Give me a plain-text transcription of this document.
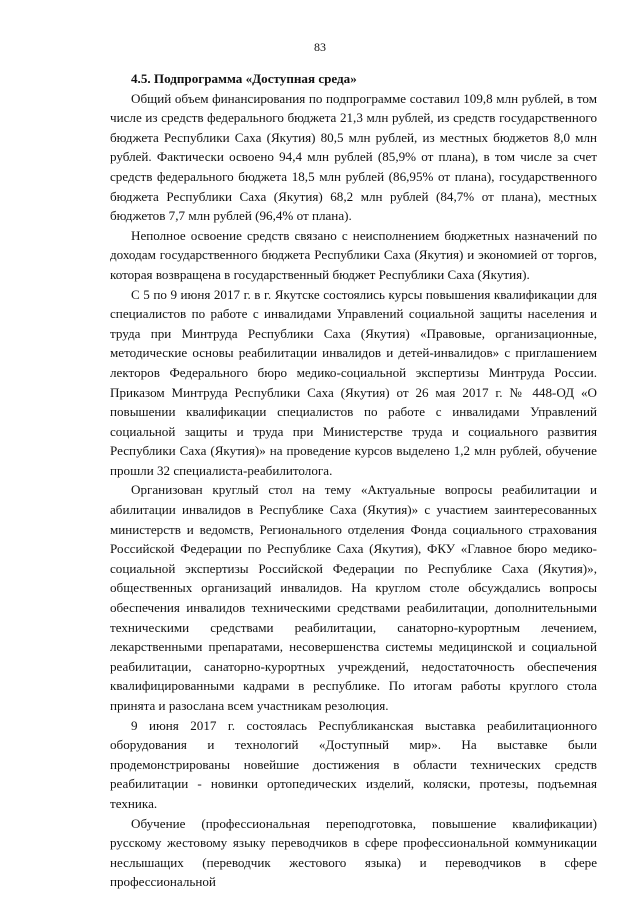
83
4.5. Подпрограмма «Доступная среда»

Общий объем финансирования по подпрограмме составил 109,8 млн рублей, в том числе из средств федерального бюджета 21,3 млн рублей, из средств государственного бюджета Республики Саха (Якутия) 80,5 млн рублей, из местных бюджетов 8,0 млн рублей. Фактически освоено 94,4 млн рублей (85,9% от плана), в том числе за счет средств федерального бюджета 18,5 млн рублей (86,95% от плана), государственного бюджета Республики Саха (Якутия) 68,2 млн рублей (84,7% от плана), местных бюджетов 7,7 млн рублей (96,4% от плана).

Неполное освоение средств связано с неисполнением бюджетных назначений по доходам государственного бюджета Республики Саха (Якутия) и экономией от торгов, которая возвращена в государственный бюджет Республики Саха (Якутия).

С 5 по 9 июня 2017 г. в г. Якутске состоялись курсы повышения квалификации для специалистов по работе с инвалидами Управлений социальной защиты населения и труда при Минтруда Республики Саха (Якутия) «Правовые, организационные, методические основы реабилитации инвалидов и детей-инвалидов» с приглашением лекторов Федерального бюро медико-социальной экспертизы Минтруда России. Приказом Минтруда Республики Саха (Якутия) от 26 мая 2017 г. № 448-ОД «О повышении квалификации специалистов по работе с инвалидами Управлений социальной защиты и труда при Министерстве труда и социального развития Республики Саха (Якутия)» на проведение курсов выделено 1,2 млн рублей, обучение прошли 32 специалиста-реабилитолога.

Организован круглый стол на тему «Актуальные вопросы реабилитации и абилитации инвалидов в Республике Саха (Якутия)» с участием заинтересованных министерств и ведомств, Регионального отделения Фонда социального страхования Российской Федерации по Республике Саха (Якутия), ФКУ «Главное бюро медико-социальной экспертизы Российской Федерации по Республике Саха (Якутия)», общественных организаций инвалидов. На круглом столе обсуждались вопросы обеспечения инвалидов техническими средствами реабилитации, дополнительными техническими средствами реабилитации, санаторно-курортным лечением, лекарственными препаратами, несовершенства системы медицинской и социальной реабилитации, санаторно-курортных учреждений, недостаточность обеспечения квалифицированными кадрами в республике. По итогам работы круглого стола принята и разослана всем участникам резолюция.

9 июня 2017 г. состоялась Республиканская выставка реабилитационного оборудования и технологий «Доступный мир». На выставке были продемонстрированы новейшие достижения в области технических средств реабилитации - новинки ортопедических изделий, коляски, протезы, подъемная техника.

Обучение (профессиональная переподготовка, повышение квалификации) русскому жестовому языку переводчиков в сфере профессиональной коммуникации неслышащих (переводчик жестового языка) и переводчиков в сфере профессиональной
